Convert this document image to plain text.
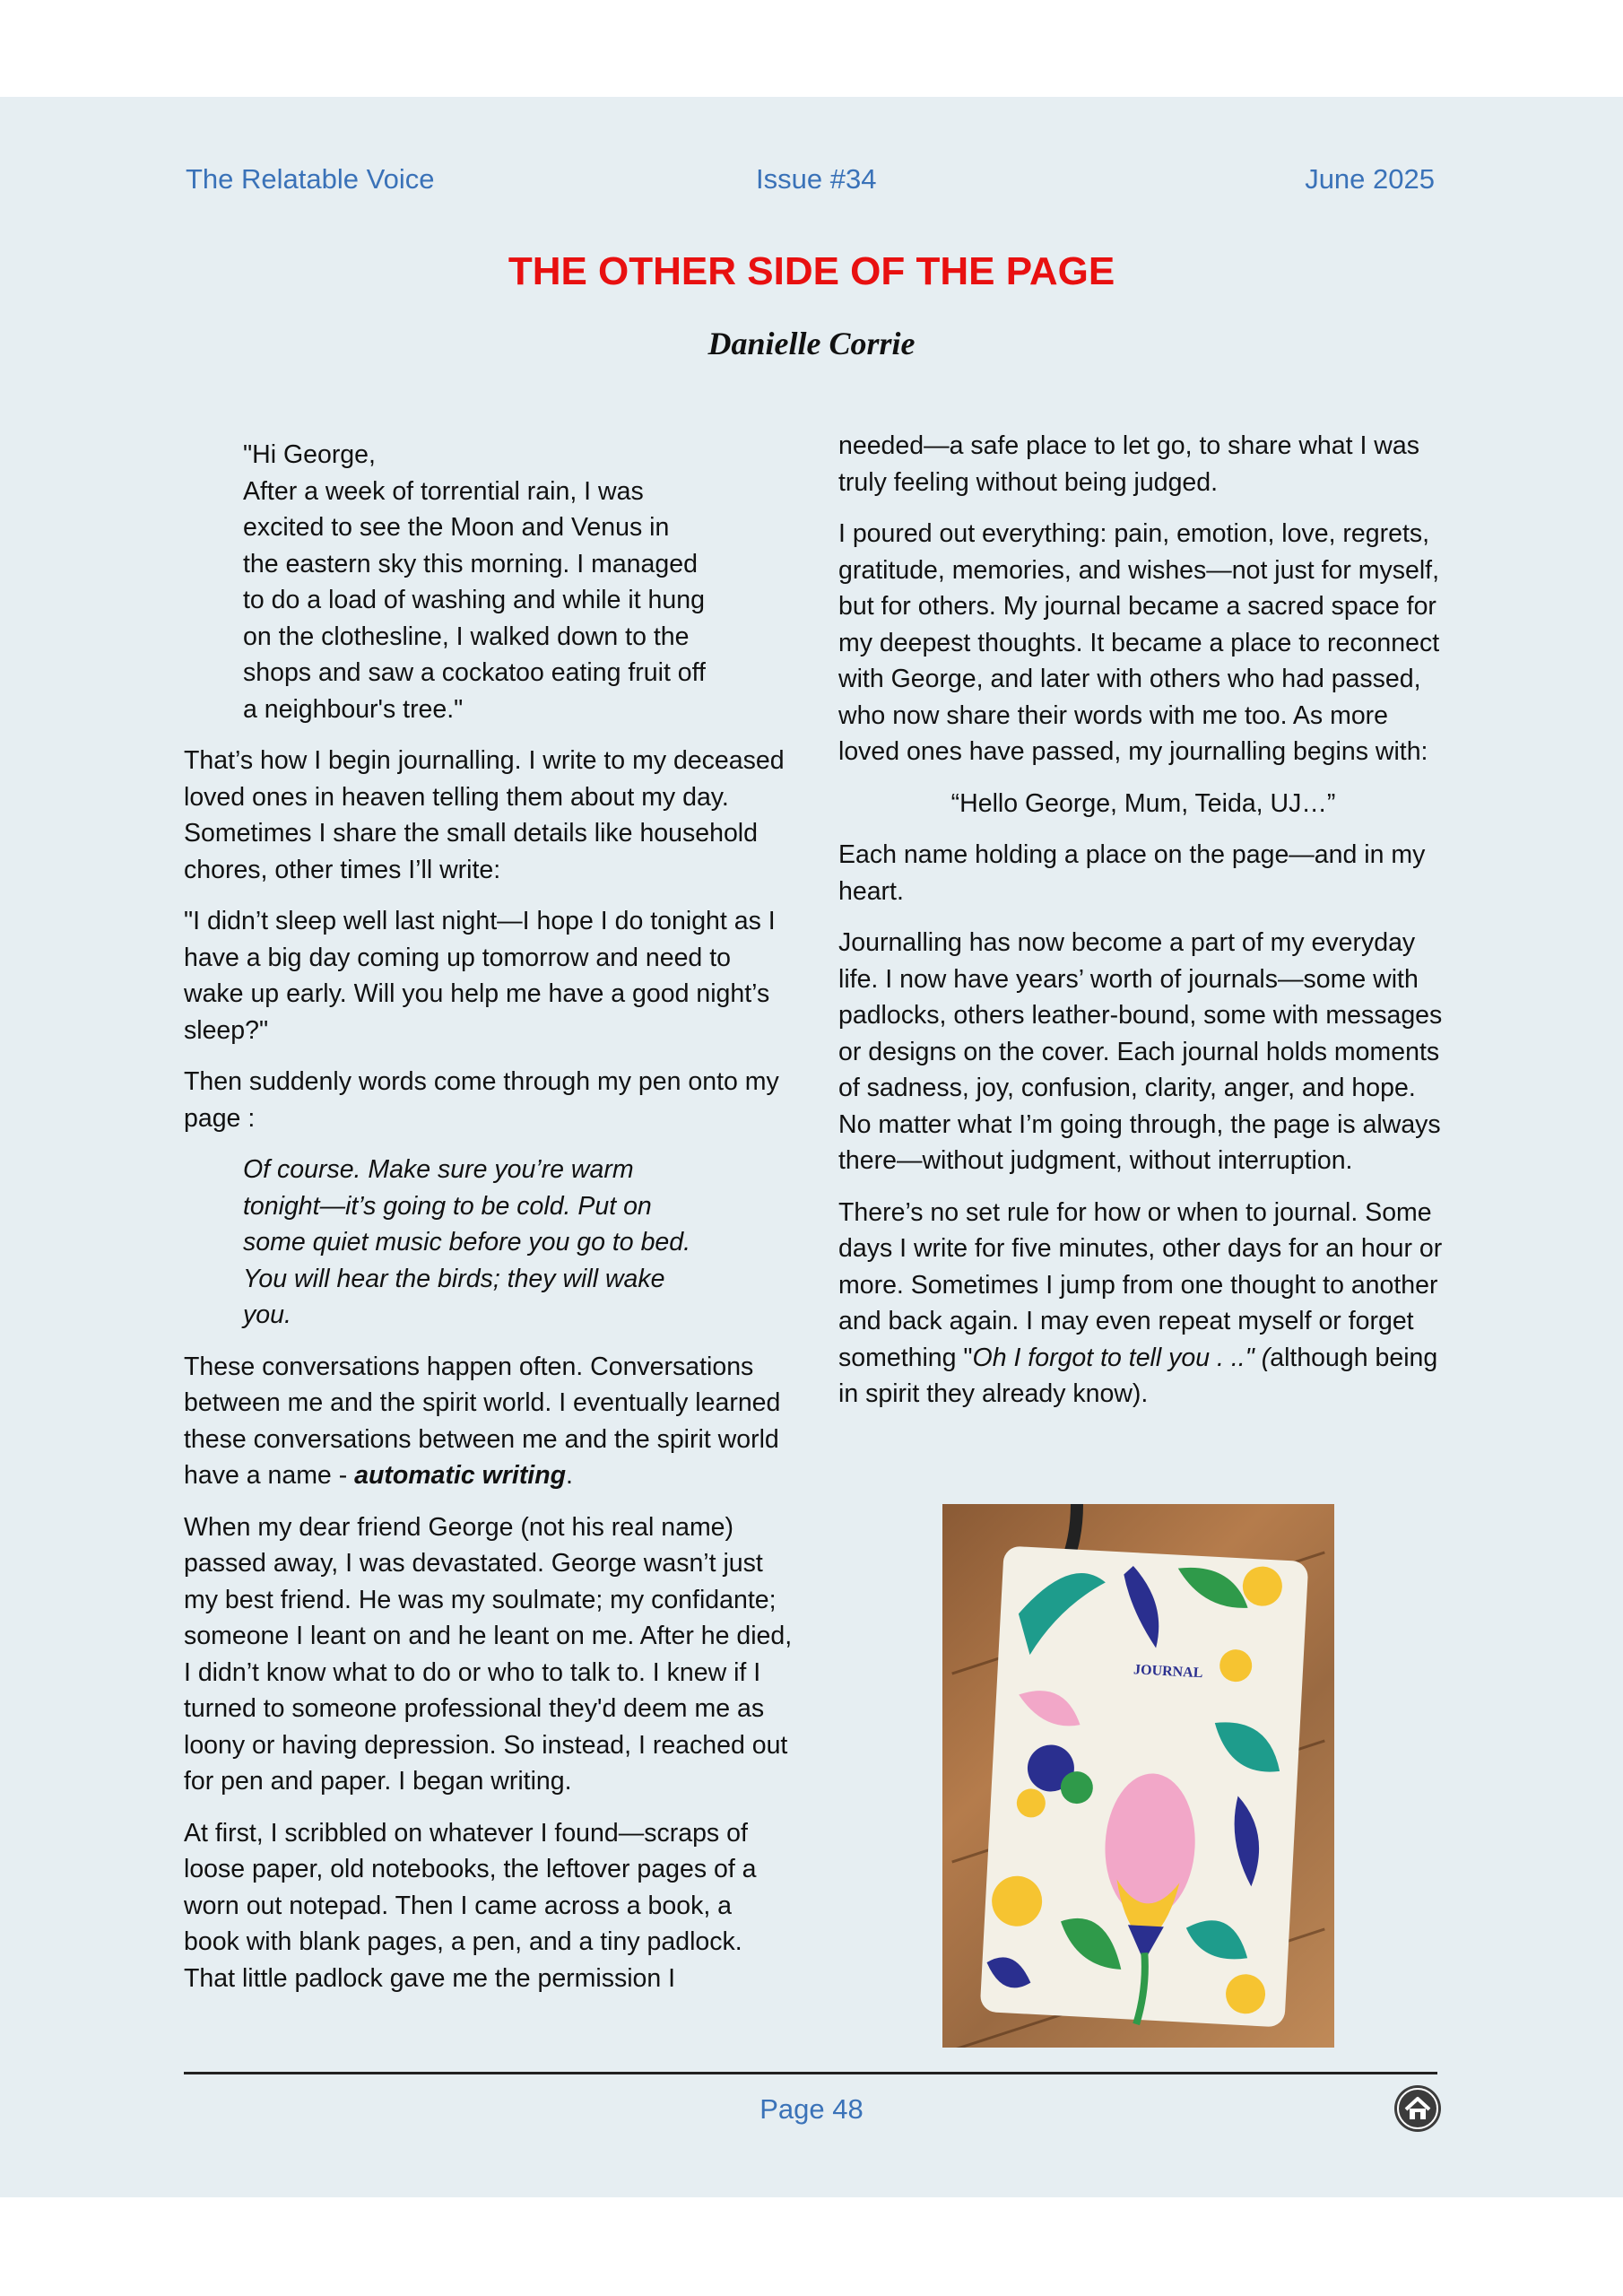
The Relatable Voice	Issue #34	June 2025
THE OTHER SIDE OF THE PAGE
Danielle Corrie

"Hi George,
After a week of torrential rain, I was
excited to see the Moon and Venus in
the eastern sky this morning. I managed
to do a load of washing and while it hung
on the clothesline, I walked down to the
shops and saw a cockatoo eating fruit off
a neighbour's tree."

That’s how I begin journalling. I write to my deceased loved ones in heaven telling them about my day. Sometimes I share the small details like household chores, other times I’ll write:

"I didn’t sleep well last night—I hope I do tonight as I have a big day coming up tomorrow and need to wake up early. Will you help me have a good night’s sleep?"

Then suddenly words come through my pen onto my page :

Of course. Make sure you’re warm
tonight—it’s going to be cold. Put on
some quiet music before you go to bed.
You will hear the birds; they will wake
you.

These conversations happen often. Conversations between me and the spirit world. I eventually learned these conversations between me and the spirit world have a name - automatic writing.

When my dear friend George (not his real name) passed away, I was devastated. George wasn’t just my best friend. He was my soulmate; my confidante; someone I leant on and he leant on me. After he died, I didn’t know what to do or who to talk to. I knew if I turned to someone professional they'd deem me as loony or having depression. So instead, I reached out for pen and paper. I began writing.

At first, I scribbled on whatever I found—scraps of loose paper, old notebooks, the leftover pages of a worn out notepad. Then I came across a book, a book with blank pages, a pen, and a tiny padlock. That little padlock gave me the permission I

needed—a safe place to let go, to share what I was truly feeling without being judged.

I poured out everything: pain, emotion, love, regrets, gratitude, memories, and wishes—not just for myself, but for others. My journal became a sacred space for my deepest thoughts. It became a place to reconnect with George, and later with others who had passed, who now share their words with me too. As more loved ones have passed, my journalling begins with:

“Hello George, Mum, Teida, UJ…”

Each name holding a place on the page—and in my heart.

Journalling has now become a part of my everyday life. I now have years’ worth of journals—some with padlocks, others leather-bound, some with messages or designs on the cover. Each journal holds moments of sadness, joy, confusion, clarity, anger, and hope. No matter what I’m going through, the page is always there—without judgment, without interruption.

There’s no set rule for how or when to journal. Some days I write for five minutes, other days for an hour or more. Sometimes I jump from one thought to another and back again. I may even repeat myself or forget something "Oh I forgot to tell you . .." (although being in spirit they already know).

JOURNAL
Page 48
